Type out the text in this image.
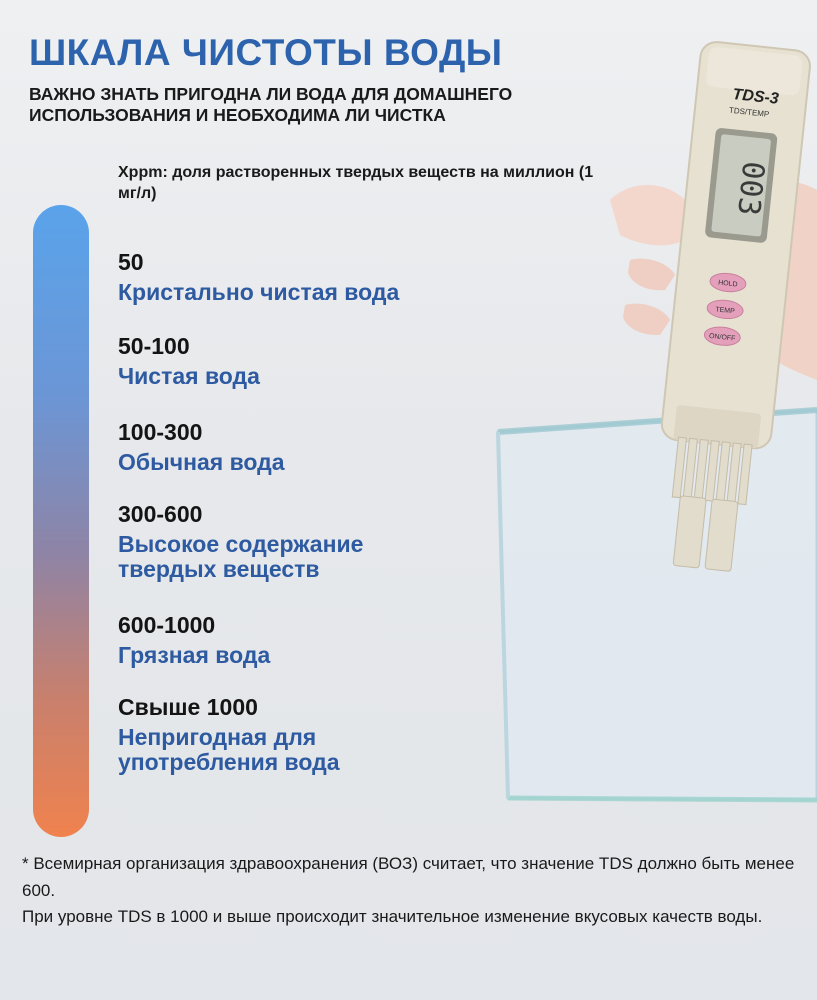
ШКАЛА ЧИСТОТЫ ВОДЫ
ВАЖНО ЗНАТЬ ПРИГОДНА ЛИ ВОДА ДЛЯ ДОМАШНЕГО ИСПОЛЬЗОВАНИЯ И НЕОБХОДИМА ЛИ ЧИСТКА
Xppm: доля растворенных твердых веществ на миллион (1 мг/л)
50
Кристально чистая вода
50-100
Чистая вода
100-300
Обычная вода
300-600
Высокое содержание твердых веществ
600-1000
Грязная вода
Свыше 1000
Непригодная для употребления вода
TDS-3
TDS/TEMP
003
HOLD
TEMP
ON/OFF

* Всемирная организация здравоохранения (ВОЗ) считает, что значение TDS должно быть менее 600.

При уровне TDS в 1000 и выше происходит значительное изменение вкусовых качеств воды.
